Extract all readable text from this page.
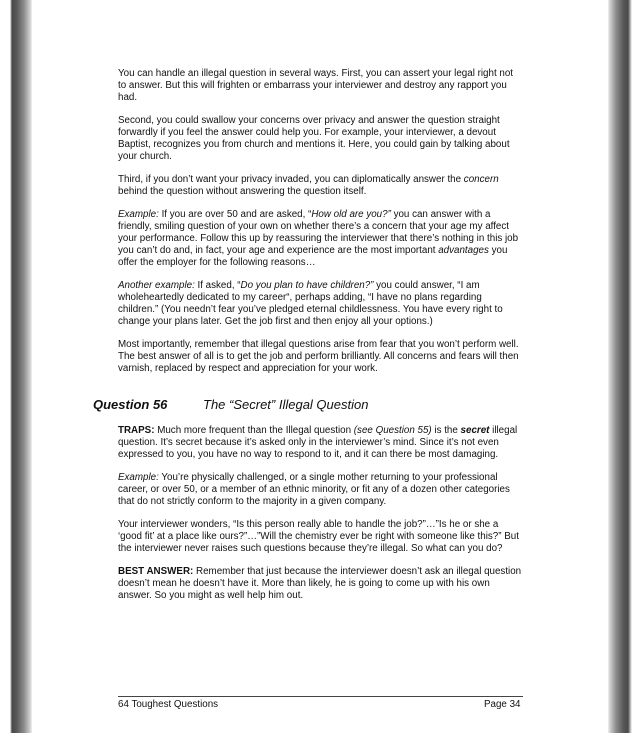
You can handle an illegal question in several ways. First, you can assert your legal right not to answer. But this will frighten or embarrass your interviewer and destroy any rapport you had.

Second, you could swallow your concerns over privacy and answer the question straight forwardly if you feel the answer could help you. For example, your interviewer, a devout Baptist, recognizes you from church and mentions it. Here, you could gain by talking about your church.

Third, if you don’t want your privacy invaded, you can diplomatically answer the concern behind the question without answering the question itself.

Example: If you are over 50 and are asked, “How old are you?” you can answer with a friendly, smiling question of your own on whether there’s a concern that your age my affect your performance. Follow this up by reassuring the interviewer that there’s nothing in this job you can’t do and, in fact, your age and experience are the most important advantages you offer the employer for the following reasons…

Another example: If asked, “Do you plan to have children?” you could answer, “I am wholeheartedly dedicated to my career“, perhaps adding, “I have no plans regarding children.” (You needn’t fear you’ve pledged eternal childlessness. You have every right to change your plans later. Get the job first and then enjoy all your options.)

Most importantly, remember that illegal questions arise from fear that you won’t perform well. The best answer of all is to get the job and perform brilliantly. All concerns and fears will then varnish, replaced by respect and appreciation for your work.

Question 56	The “Secret” Illegal Question

TRAPS: Much more frequent than the Illegal question (see Question 55) is the secret illegal question. It’s secret because it’s asked only in the interviewer’s mind. Since it’s not even expressed to you, you have no way to respond to it, and it can there be most damaging.

Example: You’re physically challenged, or a single mother returning to your professional career, or over 50, or a member of an ethnic minority, or fit any of a dozen other categories that do not strictly conform to the majority in a given company.

Your interviewer wonders, “Is this person really able to handle the job?”…”Is he or she a ‘good fit’ at a place like ours?”…”Will the chemistry ever be right with someone like this?” But the interviewer never raises such questions because they’re illegal. So what can you do?

BEST ANSWER: Remember that just because the interviewer doesn’t ask an illegal question doesn’t mean he doesn’t have it. More than likely, he is going to come up with his own answer. So you might as well help him out.

64 Toughest Questions	Page 34
